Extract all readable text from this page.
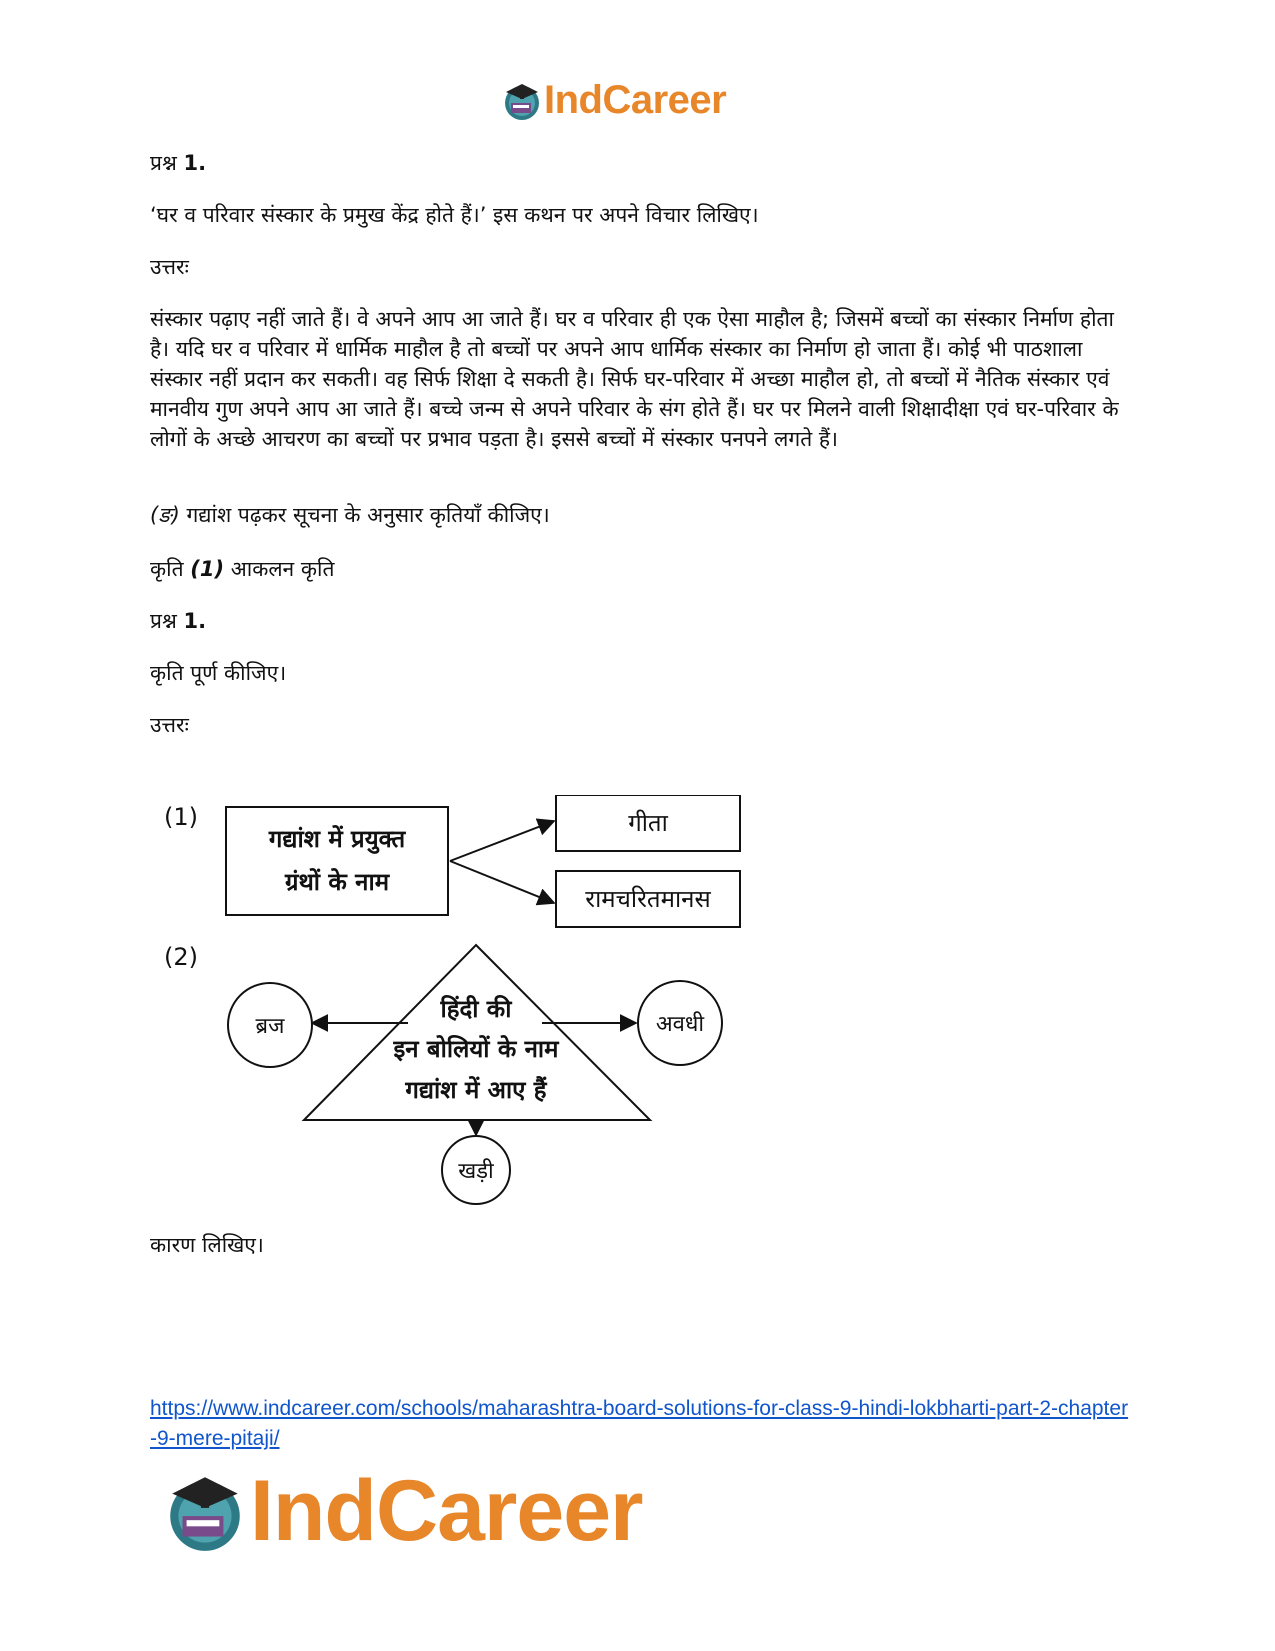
IndCareer

प्रश्न 1.

‘घर व परिवार संस्कार के प्रमुख केंद्र होते हैं।’ इस कथन पर अपने विचार लिखिए।

उत्तरः

संस्कार पढ़ाए नहीं जाते हैं। वे अपने आप आ जाते हैं। घर व परिवार ही एक ऐसा माहौल है; जिसमें बच्चों का संस्कार निर्माण होता है। यदि घर व परिवार में धार्मिक माहौल है तो बच्चों पर अपने आप धार्मिक संस्कार का निर्माण हो जाता हैं। कोई भी पाठशाला संस्कार नहीं प्रदान कर सकती। वह सिर्फ शिक्षा दे सकती है। सिर्फ घर-परिवार में अच्छा माहौल हो, तो बच्चों में नैतिक संस्कार एवं मानवीय गुण अपने आप आ जाते हैं। बच्चे जन्म से अपने परिवार के संग होते हैं। घर पर मिलने वाली शिक्षादीक्षा एवं घर-परिवार के लोगों के अच्छे आचरण का बच्चों पर प्रभाव पड़ता है। इससे बच्चों में संस्कार पनपने लगते हैं।

(ङ) गद्यांश पढ़कर सूचना के अनुसार कृतियाँ कीजिए।

कृति (1) आकलन कृति

प्रश्न 1.

कृति पूर्ण कीजिए।

उत्तरः

(1)
गद्यांश में प्रयुक्त
ग्रंथों के नाम
गीता
रामचरितमानस
(2)
हिंदी की
इन बोलियों के नाम
गद्यांश में आए हैं
ब्रज	अवधी
खड़ी

कारण लिखिए।

https://www.indcareer.com/schools/maharashtra-board-solutions-for-class-9-hindi-lokbharti-part-2-chapter-9-mere-pitaji/
IndCareer
